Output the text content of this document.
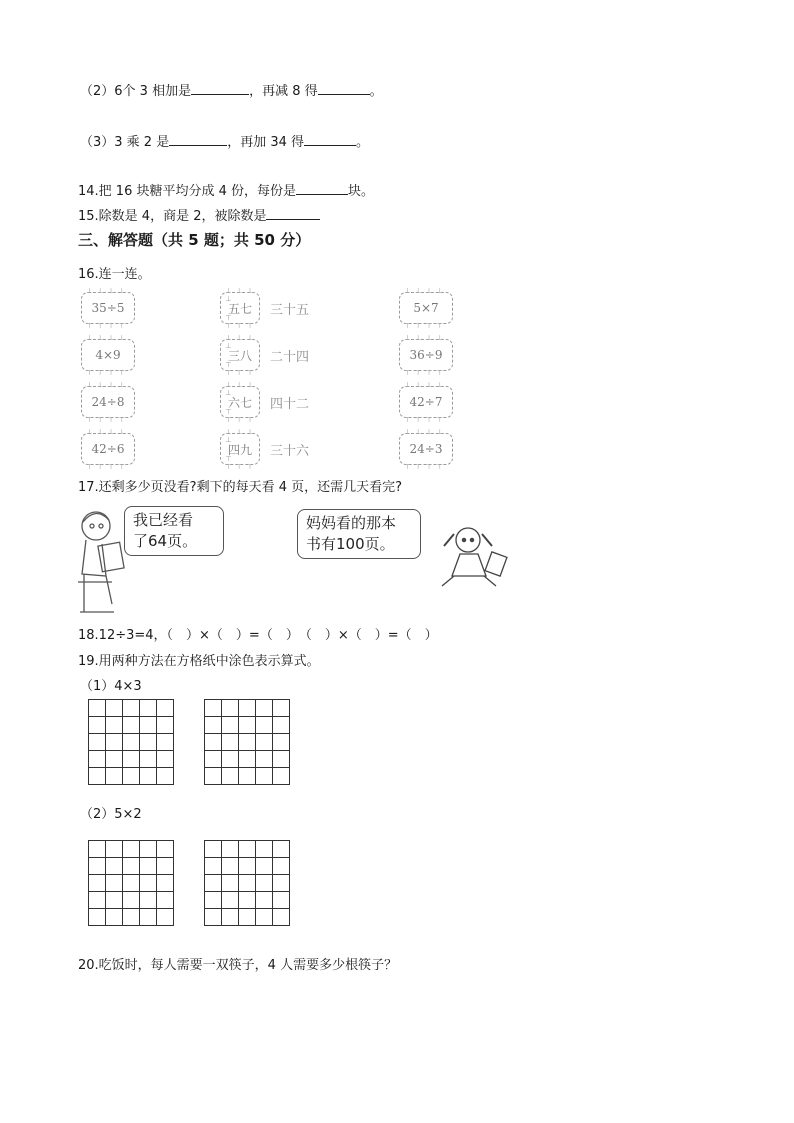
（2）6个 3 相加是	，再减 8 得	。
（3）3 乘 2 是	，再加 34 得	。
14.把 16 块糖平均分成 4 份，每份是	块。
15.除数是 4，商是 2，被除数是
三、解答题（共 5 题；共 50 分）
16.连一连。
⊥ ⊥ ⊥ ⊥ 35÷5
⊥ ⊥ ⊥ ⊥
⊥ ⊥ ⊥ ⊥ 4×9
⊥ ⊥ ⊥ ⊥
⊥ ⊥ ⊥ ⊥ 24÷8
⊥ ⊥ ⊥ ⊥
⊥ ⊥ ⊥ ⊥ 42÷6
⊥ ⊥ ⊥ ⊥
⊥ ⊥ ⊥ ⊥ 五七
⊥ ⊥ ⊥ ⊥ 三十五
⊥ ⊥ ⊥ ⊥ 三八
⊥ ⊥ ⊥ ⊥ 二十四
⊥ ⊥ ⊥ ⊥ 六七
⊥ ⊥ ⊥ ⊥ 四十二
⊥ ⊥ ⊥ ⊥ 四九
⊥ ⊥ ⊥ ⊥ 三十六
⊥ ⊥ ⊥ ⊥ 5×7
⊥ ⊥ ⊥ ⊥
⊥ ⊥ ⊥ ⊥ 36÷9
⊥ ⊥ ⊥ ⊥
⊥ ⊥ ⊥ ⊥ 42÷7
⊥ ⊥ ⊥ ⊥
⊥ ⊥ ⊥ ⊥ 24÷3
⊥ ⊥ ⊥ ⊥
17.还剩多少页没看?剩下的每天看 4 页，还需几天看完?
我已经看
了64页。
妈妈看的那本
书有100页。
18.12÷3=4，（　）×（　）=（　）　（　）×（　）=（　）
19.用两种方法在方格纸中涂色表示算式。
（1）4×3

（2）5×2

20.吃饭时，每人需要一双筷子，4 人需要多少根筷子？
